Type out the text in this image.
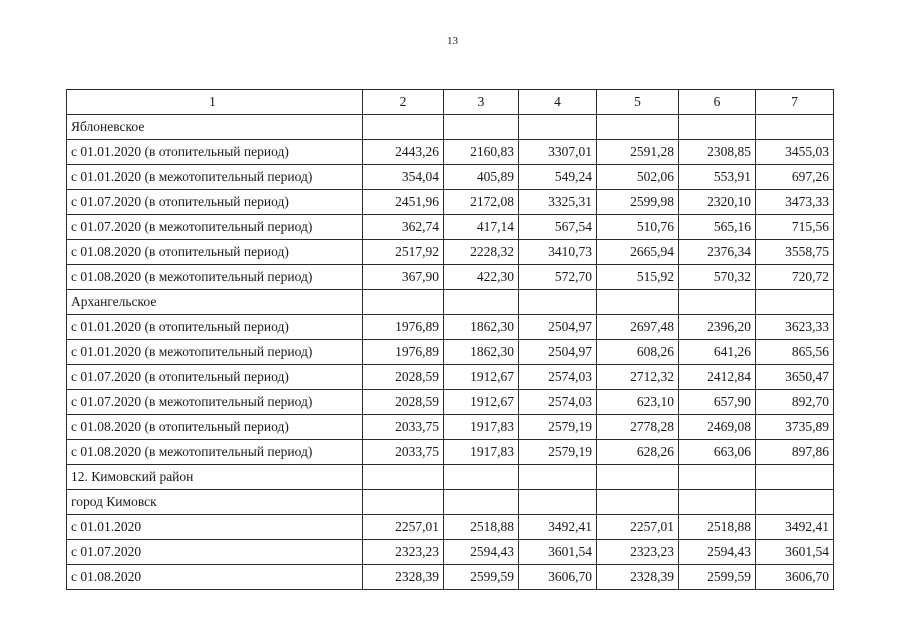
13
1	2	3	4	5	6	7
Яблоневское						
с 01.01.2020 (в отопительный период)	2443,26	2160,83	3307,01	2591,28	2308,85	3455,03
с 01.01.2020 (в межотопительный период)	354,04	405,89	549,24	502,06	553,91	697,26
с 01.07.2020 (в отопительный период)	2451,96	2172,08	3325,31	2599,98	2320,10	3473,33
с 01.07.2020 (в межотопительный период)	362,74	417,14	567,54	510,76	565,16	715,56
с 01.08.2020 (в отопительный период)	2517,92	2228,32	3410,73	2665,94	2376,34	3558,75
с 01.08.2020 (в межотопительный период)	367,90	422,30	572,70	515,92	570,32	720,72
Архангельское						
с 01.01.2020 (в отопительный период)	1976,89	1862,30	2504,97	2697,48	2396,20	3623,33
с 01.01.2020 (в межотопительный период)	1976,89	1862,30	2504,97	608,26	641,26	865,56
с 01.07.2020 (в отопительный период)	2028,59	1912,67	2574,03	2712,32	2412,84	3650,47
с 01.07.2020 (в межотопительный период)	2028,59	1912,67	2574,03	623,10	657,90	892,70
с 01.08.2020 (в отопительный период)	2033,75	1917,83	2579,19	2778,28	2469,08	3735,89
с 01.08.2020 (в межотопительный период)	2033,75	1917,83	2579,19	628,26	663,06	897,86
12. Кимовский район						
город Кимовск						
с 01.01.2020	2257,01	2518,88	3492,41	2257,01	2518,88	3492,41
с 01.07.2020	2323,23	2594,43	3601,54	2323,23	2594,43	3601,54
с 01.08.2020	2328,39	2599,59	3606,70	2328,39	2599,59	3606,70
